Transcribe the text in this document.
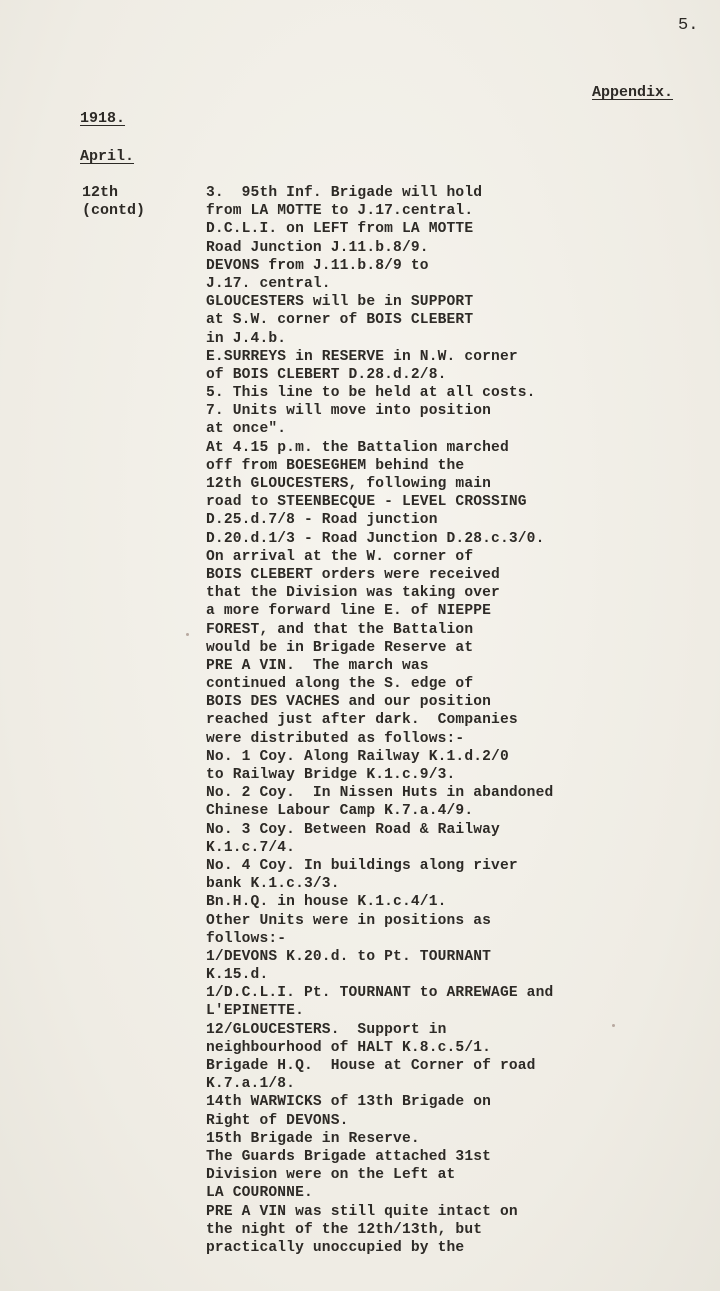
5.
Appendix.
1918.
April.
12th
(contd)
3.  95th Inf. Brigade will hold
from LA MOTTE to J.17.central.
D.C.L.I. on LEFT from LA MOTTE
Road Junction J.11.b.8/9.
DEVONS from J.11.b.8/9 to
J.17. central.
GLOUCESTERS will be in SUPPORT
at S.W. corner of BOIS CLEBERT
in J.4.b.
E.SURREYS in RESERVE in N.W. corner
of BOIS CLEBERT D.28.d.2/8.
5. This line to be held at all costs.
7. Units will move into position
at once".
At 4.15 p.m. the Battalion marched
off from BOESEGHEM behind the
12th GLOUCESTERS, following main
road to STEENBECQUE - LEVEL CROSSING
D.25.d.7/8 - Road junction
D.20.d.1/3 - Road Junction D.28.c.3/0.
On arrival at the W. corner of
BOIS CLEBERT orders were received
that the Division was taking over
a more forward line E. of NIEPPE
FOREST, and that the Battalion
would be in Brigade Reserve at
PRE A VIN.  The march was
continued along the S. edge of
BOIS DES VACHES and our position
reached just after dark.  Companies
were distributed as follows:-
No. 1 Coy. Along Railway K.1.d.2/0
to Railway Bridge K.1.c.9/3.
No. 2 Coy.  In Nissen Huts in abandoned
Chinese Labour Camp K.7.a.4/9.
No. 3 Coy. Between Road & Railway
K.1.c.7/4.
No. 4 Coy. In buildings along river
bank K.1.c.3/3.
Bn.H.Q. in house K.1.c.4/1.
Other Units were in positions as
follows:-
1/DEVONS K.20.d. to Pt. TOURNANT
K.15.d.
1/D.C.L.I. Pt. TOURNANT to ARREWAGE and
L'EPINETTE.
12/GLOUCESTERS.  Support in
neighbourhood of HALT K.8.c.5/1.
Brigade H.Q.  House at Corner of road
K.7.a.1/8.
14th WARWICKS of 13th Brigade on
Right of DEVONS.
15th Brigade in Reserve.
The Guards Brigade attached 31st
Division were on the Left at
LA COURONNE.
PRE A VIN was still quite intact on
the night of the 12th/13th, but
practically unoccupied by the
